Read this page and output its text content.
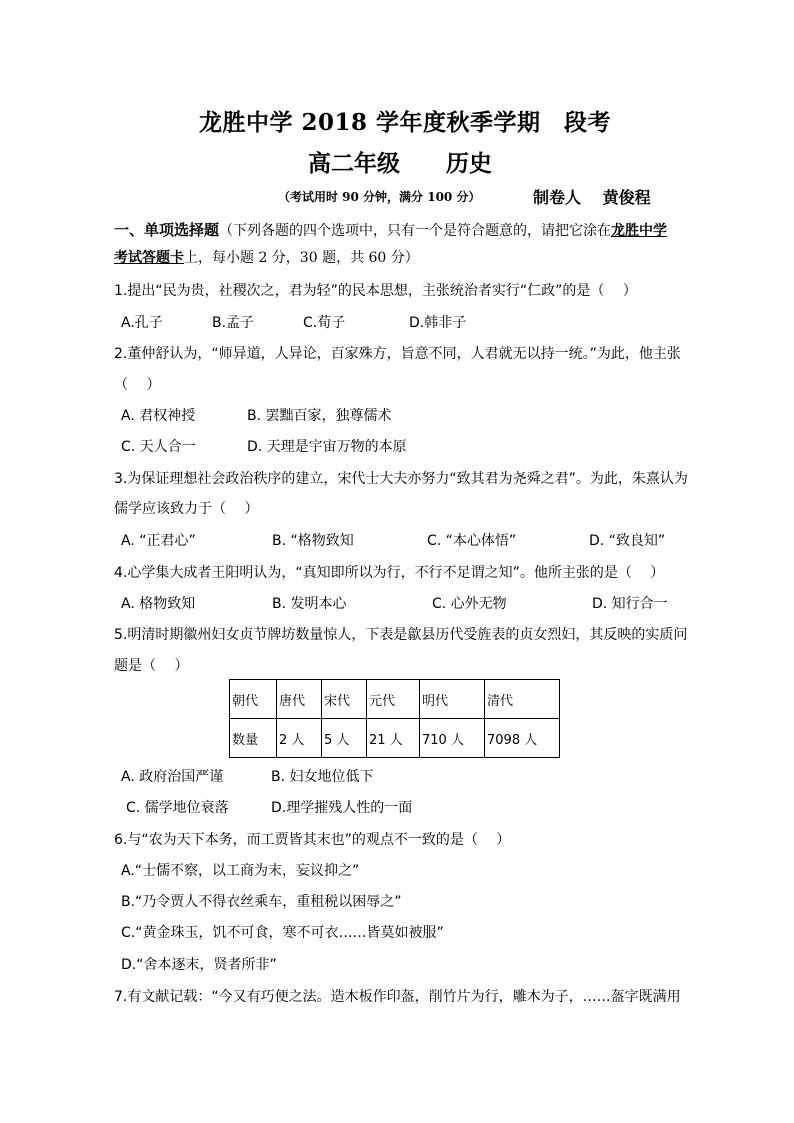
龙胜中学 2018 学年度秋季学期　段考
高二年级　　历史
（考试用时 90 分钟，满分 100 分）	制卷人　 黄俊程
一、单项选择题（下列各题的四个选项中，只有一个是符合题意的，请把它涂在龙胜中学
考试答题卡上，每小题 2 分，30 题，共 60 分）
1.提出“民为贵，社稷次之，君为轻”的民本思想，主张统治者实行“仁政”的是（　 ）
A.孔子	B.孟子	C.荀子	D.韩非子
2.董仲舒认为，“师异道，人异论，百家殊方，旨意不同，人君就无以持一统。”为此，他主张
（　 ）
A. 君权神授	B. 罢黜百家，独尊儒术
C. 天人合一	D. 天理是宇宙万物的本原
3.为保证理想社会政治秩序的建立，宋代士大夫亦努力“致其君为尧舜之君”。为此，朱熹认为
儒学应该致力于（　 ）
A. “正君心”	B. “格物致知	C. “本心体悟”	D. “致良知”
4.心学集大成者王阳明认为，“真知即所以为行，不行不足谓之知”。他所主张的是（　 ）
A. 格物致知	B. 发明本心	C. 心外无物	D. 知行合一
5.明清时期徽州妇女贞节牌坊数量惊人，下表是歙县历代受旌表的贞女烈妇，其反映的实质问
题是（　 ）
朝代	唐代	宋代	元代	明代	清代
数量	2 人	5 人	21 人	710 人	7098 人
A. 政府治国严谨	B. 妇女地位低下
C. 儒学地位衰落	D.理学摧残人性的一面
6.与“农为天下本务，而工贾皆其末也”的观点不一致的是（　 ）
A.“士儒不察，以工商为末，妄议抑之”
B.“乃令贾人不得衣丝乘车，重租税以困辱之”
C.“黄金珠玉，饥不可食，寒不可衣……皆莫如被服”
D.“舍本逐末，贤者所非”
7.有文献记载：“今又有巧便之法。造木板作印盔，削竹片为行，雕木为子，……盔字既满用
